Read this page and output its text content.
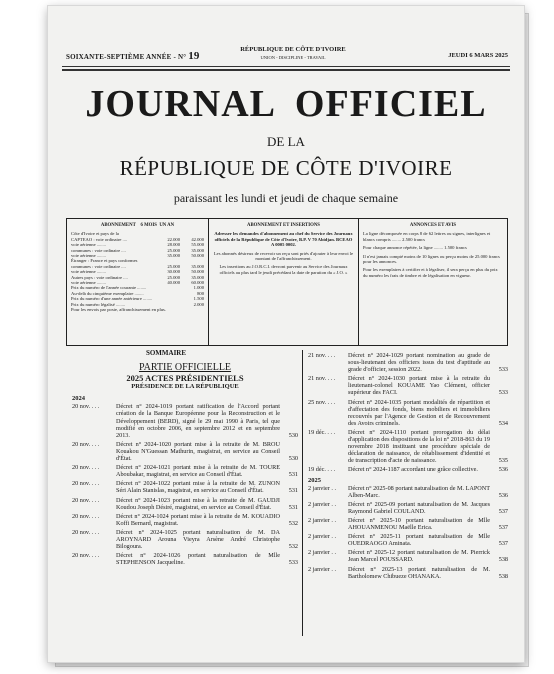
SOIXANTE-SEPTIÈME ANNÉE - N° 19
RÉPUBLIQUE DE CÔTE D'IVOIRE
UNION - DISCIPLINE - TRAVAIL	JEUDI 6 MARS 2025
JOURNAL  OFFICIEL
DE LA
RÉPUBLIQUE DE CÔTE D'IVOIRE
paraissant les lundi et jeudi de chaque semaine
ABONNEMENT 6 MOIS UN AN
Côte d'Ivoire et pays de la
CAPTEAO : voie ordinaire ....	22.000	42.000
voie aérienne ........	28.000	55.000
communes : voie ordinaire ....	25.000	35.000
voie aérienne ........	35.000	50.000
Étranger : France et pays conformes
communes : voie ordinaire ....	25.000	35.000
voie aérienne ........	30.000	50.000
Autres pays : voie ordinaire ....	25.000	35.000
voie aérienne ........	40.000	60.000
Prix du numéro de l'année courante ........	1.000
Au-delà du cinquième exemplaire ........	800
Prix du numéro d'une année antérieure ........	1.500
Prix du numéro légalisé ........	2.000
Pour les envois par poste, affranchissement en plus.
ABONNEMENT ET INSERTIONS

Adresser les demandes d'abonnement au chef du Service des Journaux officiels de la République de Côte d'Ivoire, B.P. V 70 Abidjan. BCEAO A 0005 0002.

Les abonnés désireux de recevoir un reçu sont priés d'ajouter à leur envoi le montant de l'affranchissement.

Les insertions au J.O.R.C.I. devront parvenir au Service des Journaux officiels au plus tard le jeudi précédant la date de parution du « J.O. »

ANNONCES ET AVIS

La ligne décomposée en corps 8 de 62 lettres ou signes, interlignes et blancs compris ........ 2.500 francs

Pour chaque annonce répétée, la ligne ........ 1.500 francs

Il n'est jamais compté moins de 10 lignes ou perçu moins de 25.000 francs pour les annonces.

Pour les exemplaires à certifier et à légaliser, il sera perçu en plus du prix du numéro les frais de timbre et de légalisation en vigueur.

SOMMAIRE
PARTIE OFFICIELLE
2025 ACTES PRÉSIDENTIELS
PRÉSIDENCE DE LA RÉPUBLIQUE
2024
20 nov. . . .	Décret n° 2024-1019 portant ratification de l'Accord portant création de la Banque Européenne pour la Reconstruction et le Développement (BERD), signé le 29 mai 1990 à Paris, tel que modifié en octobre 2006, en septembre 2012 et en septembre 2013.	530
20 nov. . . .	Décret n° 2024-1020 portant mise à la retraite de M. BROU Kouakou N'Guessan Mathurin, magistrat, en service au Conseil d'État.	530
20 nov. . . .	Décret n° 2024-1021 portant mise à la retraite de M. TOURE Aboubakar, magistrat, en service au Conseil d'État.	531
20 nov. . . .	Décret n° 2024-1022 portant mise à la retraite de M. ZUNON Séri Alain Stanislas, magistrat, en service au Conseil d'État.	531
20 nov. . . .	Décret n° 2024-1023 portant mise à la retraite de M. GAUDJI Koudou Joseph Désiré, magistrat, en service au Conseil d'État.	531
20 nov. . . .	Décret n° 2024-1024 portant mise à la retraite de M. KOUADIO Koffi Bernard, magistrat.	532
20 nov. . . .	Décret n° 2024-1025 portant naturalisation de M. DA AROYNARD Arouna Vieyra Arsène André Christophe Bilogoura.	532
20 nov. . . .	Décret n° 2024-1026 portant naturalisation de Mlle STEPHENSON Jacqueline.	533
21 nov. . . .	Décret n° 2024-1029 portant nomination au grade de sous-lieutenant des officiers issus du test d'aptitude au grade d'officier, session 2022.	533
21 nov. . . .	Décret n° 2024-1030 portant mise à la retraite du lieutenant-colonel KOUAME Yao Clément, officier supérieur des FACI.	533
25 nov. . . .	Décret n° 2024-1035 portant modalités de répartition et d'affectation des fonds, biens mobiliers et immobiliers recouvrés par l'Agence de Gestion et de Recouvrement des Avoirs criminels.	534
19 déc. . . .	Décret n° 2024-1110 portant prorogation du délai d'application des dispositions de la loi n° 2018-863 du 19 novembre 2018 instituant une procédure spéciale de déclaration de naissance, de rétablissement d'identité et de transcription d'acte de naissance.	535
19 déc. . . .	Décret n° 2024-1187 accordant une grâce collective.	536
2025
2 janvier . .	Décret n° 2025-08 portant naturalisation de M. LAPONT Alben-Marc.	536
2 janvier . .	Décret n° 2025-09 portant naturalisation de M. Jacques Raymond Gabriel COULAND.	537
2 janvier . .	Décret n° 2025-10 portant naturalisation de Mlle AHOUANMENOU Maëlle Erica.	537
2 janvier . .	Décret n° 2025-11 portant naturalisation de Mlle OUEDRAOGO Aminata.	537
2 janvier . .	Décret n° 2025-12 portant naturalisation de M. Pierrick Jean Marcel POUSSARD.	538
2 janvier . .	Décret n° 2025-13 portant naturalisation de M. Bartholomew Chibueze OHANAKA.	538
